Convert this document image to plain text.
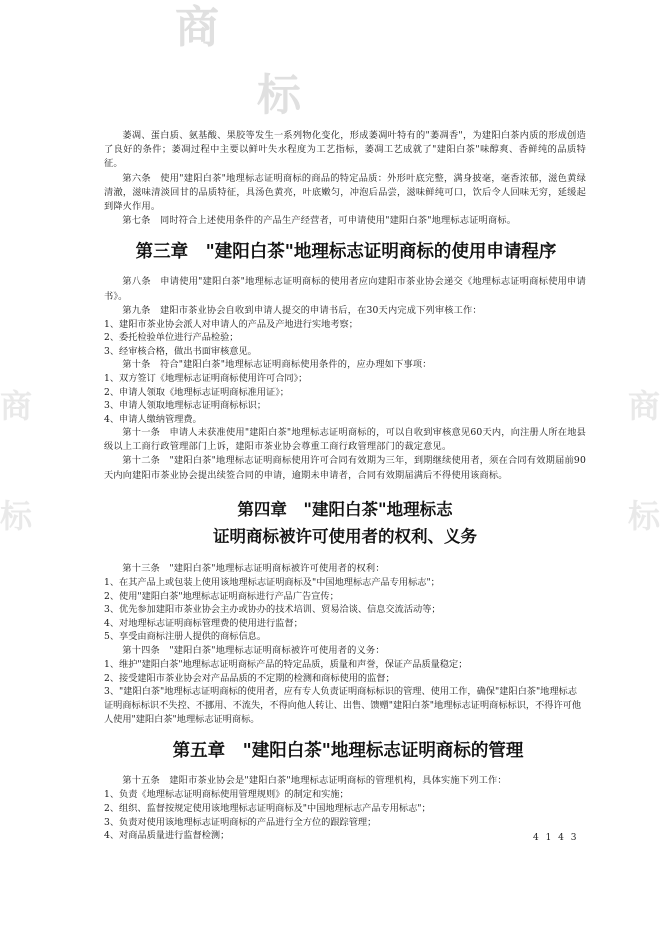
商
标
商
标
商
标

萎凋、蛋白质、氨基酸、果胶等发生一系列物化变化，形成萎凋叶特有的"萎凋香"，为建阳白茶内质的形成创造了良好的条件；萎凋过程中主要以鲜叶失水程度为工艺指标，萎凋工艺成就了"建阳白茶"味醇爽、香鲜纯的品质特征。

第六条　使用"建阳白茶"地理标志证明商标的商品的特定品质：外形叶底完整，满身披毫，毫香浓郁，滋色黄绿清澈，滋味清淡回甘的品质特征，具汤色黄亮，叶底嫩匀，冲泡后品尝，滋味鲜纯可口，饮后令人回味无穷，延缓起到降火作用。

第七条　同时符合上述使用条件的产品生产经营者，可申请使用"建阳白茶"地理标志证明商标。

第三章　"建阳白茶"地理标志证明商标的使用申请程序

第八条　申请使用"建阳白茶"地理标志证明商标的使用者应向建阳市茶业协会递交《地理标志证明商标使用申请书》。

第九条　建阳市茶业协会自收到申请人提交的申请书后，在30天内完成下列审核工作：

1、建阳市茶业协会派人对申请人的产品及产地进行实地考察；

2、委托检验单位进行产品检验；

3、经审核合格，做出书面审核意见。

第十条　符合"建阳白茶"地理标志证明商标使用条件的，应办理如下事项：

1、双方签订《地理标志证明商标使用许可合同》；

2、申请人领取《地理标志证明商标准用证》；

3、申请人领取地理标志证明商标标识；

4、申请人缴纳管理费。

第十一条　申请人未获准使用"建阳白茶"地理标志证明商标的，可以自收到审核意见60天内，向注册人所在地县级以上工商行政管理部门上诉，建阳市茶业协会尊重工商行政管理部门的裁定意见。

第十二条　"建阳白茶"地理标志证明商标使用许可合同有效期为三年，到期继续使用者，须在合同有效期届前90天内向建阳市茶业协会提出续签合同的申请，逾期未申请者，合同有效期届满后不得使用该商标。

第四章　"建阳白茶"地理标志
证明商标被许可使用者的权利、义务

第十三条　"建阳白茶"地理标志证明商标被许可使用者的权利：

1、在其产品上或包装上使用该地理标志证明商标及"中国地理标志产品专用标志"；

2、使用"建阳白茶"地理标志证明商标进行产品广告宣传；

3、优先参加建阳市茶业协会主办或协办的技术培训、贸易洽谈、信息交流活动等；

4、对地理标志证明商标管理费的使用进行监督；

5、享受由商标注册人提供的商标信息。

第十四条　"建阳白茶"地理标志证明商标被许可使用者的义务：

1、维护"建阳白茶"地理标志证明商标产品的特定品质，质量和声誉，保证产品质量稳定；

2、接受建阳市茶业协会对产品品质的不定期的检测和商标使用的监督；

3、"建阳白茶"地理标志证明商标的使用者，应有专人负责证明商标标识的管理、使用工作，确保"建阳白茶"地理标志证明商标标识不失控、不挪用、不流失，不得向他人转让、出售、馈赠"建阳白茶"地理标志证明商标标识，不得许可他人使用"建阳白茶"地理标志证明商标。

第五章　"建阳白茶"地理标志证明商标的管理

第十五条　建阳市茶业协会是"建阳白茶"地理标志证明商标的管理机构，具体实施下列工作：

1、负责《地理标志证明商标使用管理规则》的制定和实施；

2、组织、监督按规定使用该地理标志证明商标及"中国地理标志产品专用标志"；

3、负责对使用该地理标志证明商标的产品进行全方位的跟踪管理；

4、对商品质量进行监督检测；	4 1 4 3
